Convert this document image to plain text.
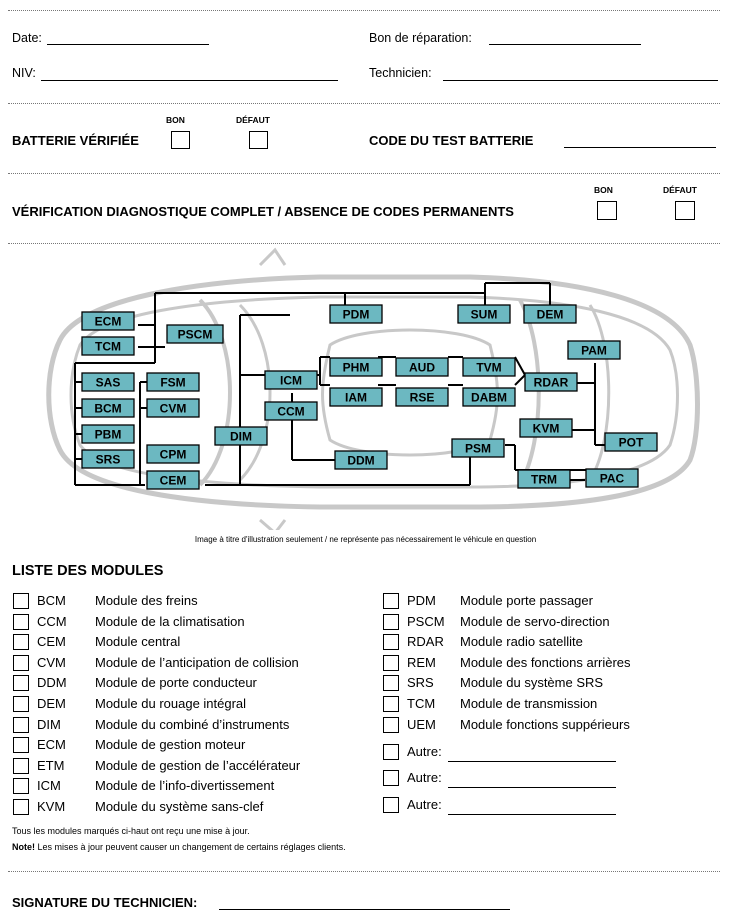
Date:	Bon de réparation:
NIV:	Technicien:
BON	DÉFAUT
BATTERIE VÉRIFIÉE	CODE DU TEST BATTERIE
BON	DÉFAUT
VÉRIFICATION DIAGNOSTIQUE COMPLET / ABSENCE DE CODES PERMANENTS
ECM
TCM
PSCM
SAS
BCM
PBM
SRS
FSM
CVM
CPM
CEM
DIM
ICM
CCM
PDM
PHM	AUD	TVM
IAM	RSE	DABM
DDM
SUM	DEM
PAM
RDAR
KVM
PSM	POT
TRM	PAC
Image à titre d'illustration seulement / ne représente pas nécessairement le véhicule en question
LISTE DES MODULES
BCM Module des freins
CCM Module de la climatisation
CEM Module central
CVM Module de l’anticipation de collision
DDM Module de porte conducteur
DEM Module du rouage intégral
DIM	Module du combiné d’instruments
ECM Module de gestion moteur
ETM Module de gestion de l’accélérateur
ICM	Module de l’info-divertissement
KVM Module du système sans-clef
PDM Module porte passager
PSCM Module de servo-direction
RDAR Module radio satellite
REM Module des fonctions arrières
SRS Module du système SRS
TCM Module de transmission
UEM Module fonctions suppérieurs
Autre:
Autre:
Autre:
Tous les modules marqués ci-haut ont reçu une mise à jour.
Note! Les mises à jour peuvent causer un changement de certains réglages clients.
SIGNATURE DU TECHNICIEN:
